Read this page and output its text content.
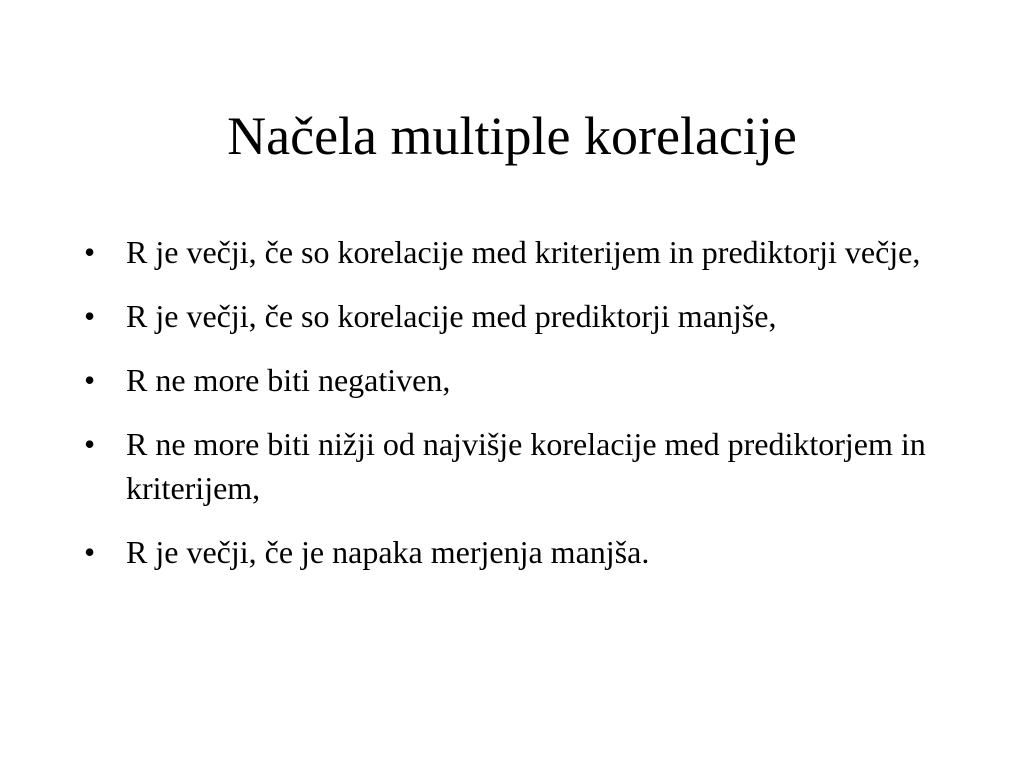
Načela multiple korelacije
• R je večji, če so korelacije med kriterijem in prediktorji večje,
• R je večji, če so korelacije med prediktorji manjše,
• R ne more biti negativen,
• R ne more biti nižji od najvišje korelacije med prediktorjem in kriterijem,
• R je večji, če je napaka merjenja manjša.
